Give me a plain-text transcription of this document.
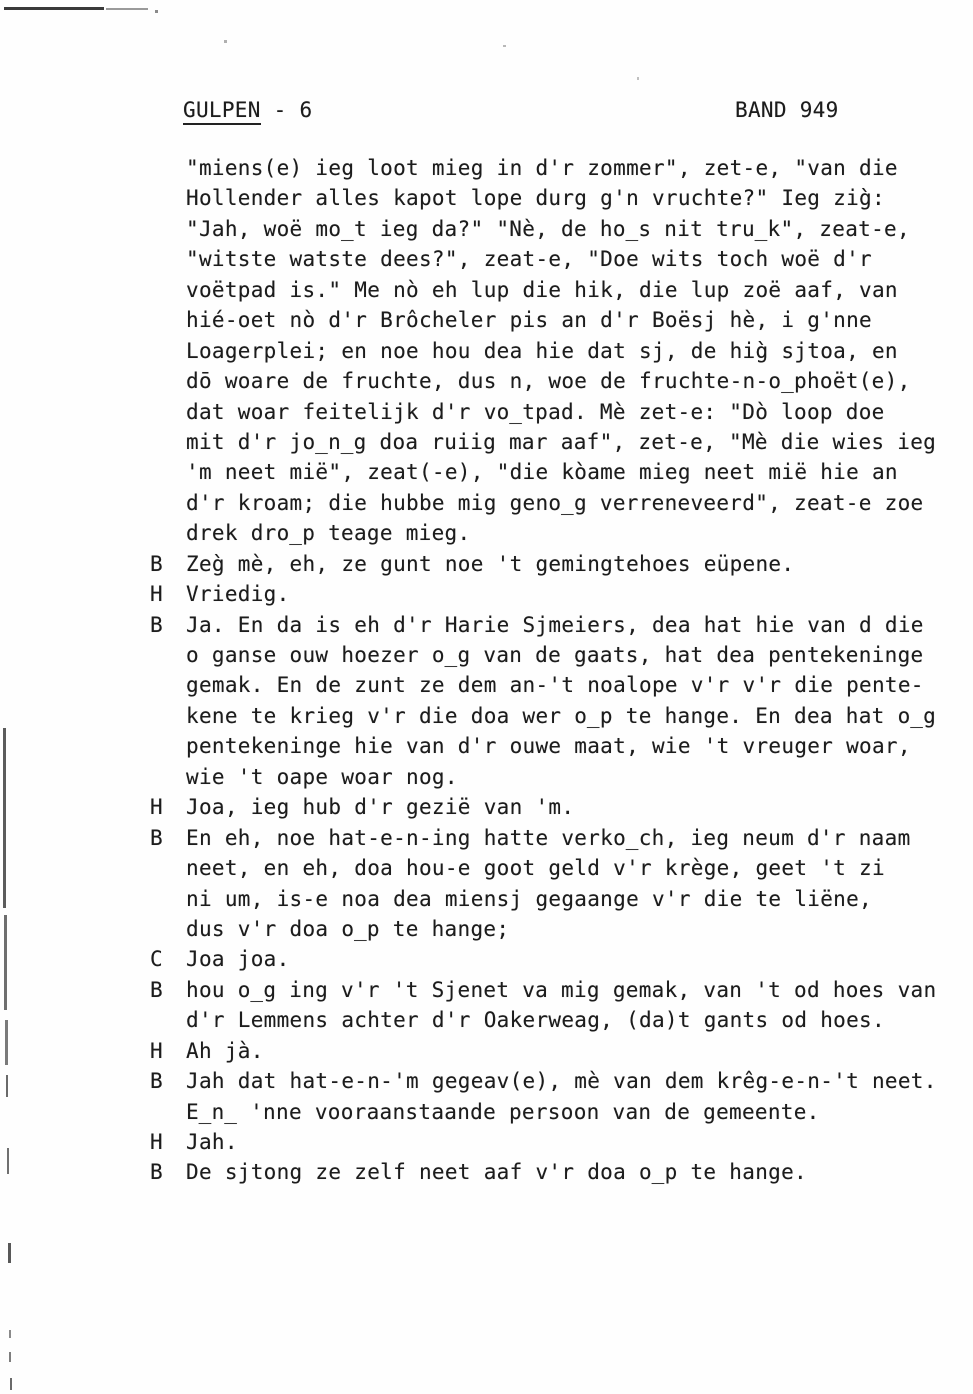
GULPEN - 6	BAND 949
"miens(e) ieg loot mieg in d'r zommer", zet-e, "van die
Hollender alles kapot lope durg g'n vruchte?" Ieg zig̀:
"Jah, woë mo̲t ieg da?" "Nè, de ho̲s nit tru̲k", zeat-e,
"witste watste dees?", zeat-e, "Doe wits toch woë d'r
voëtpad is." Me nò eh lup die hik, die lup zoë aaf, van
hié-oet nò d'r Brôcheler pis an d'r Boësj hè, i g'nne
Loagerplei; en noe hou dea hie dat sj, de hig̀ sjtoa, en
dō woare de fruchte, dus n, woe de fruchte-n-o̲phoët(e),
dat woar feitelijk d'r vo̲tpad. Mè zet-e: "Dò loop doe
mit d'r jo̲n̲g doa ruiig mar aaf", zet-e, "Mè die wies ieg
'm neet mië", zeat(-e), "die kòame mieg neet mië hie an
d'r kroam; die hubbe mig geno̲g verreneveerd", zeat-e zoe
drek dro̲p teage mieg.
B	Zeg̀ mè, eh, ze gunt noe 't gemingtehoes eüpene.
H	Vriedig.
B	Ja. En da is eh d'r Harie Sjmeiers, dea hat hie van d die
o ganse ouw hoezer o̲g van de gaats, hat dea pentekeninge
gemak. En de zunt ze dem an-'t noalope v'r v'r die pente-
kene te krieg v'r die doa wer o̲p te hange. En dea hat o̲g
pentekeninge hie van d'r ouwe maat, wie 't vreuger woar,
wie 't oape woar nog.
H	Joa, ieg hub d'r gezië van 'm.
B	En eh, noe hat-e-n-ing hatte verko̲ch, ieg neum d'r naam
neet, en eh, doa hou-e goot geld v'r krège, geet 't zi
ni um, is-e noa dea miensj gegaange v'r die te liëne,
dus v'r doa o̲p te hange;
C	Joa joa.
B	hou o̲g ing v'r 't Sjenet va mig gemak, van 't od hoes van
d'r Lemmens achter d'r Oakerweag, (da)t gants od hoes.
H	Ah jà.
B	Jah dat hat-e-n-'m gegeav(e), mè van dem krêg-e-n-'t neet.
E̲n̲ 'nne vooraanstaande persoon van de gemeente.
H	Jah.
B	De sjtong ze zelf neet aaf v'r doa o̲p te hange.
